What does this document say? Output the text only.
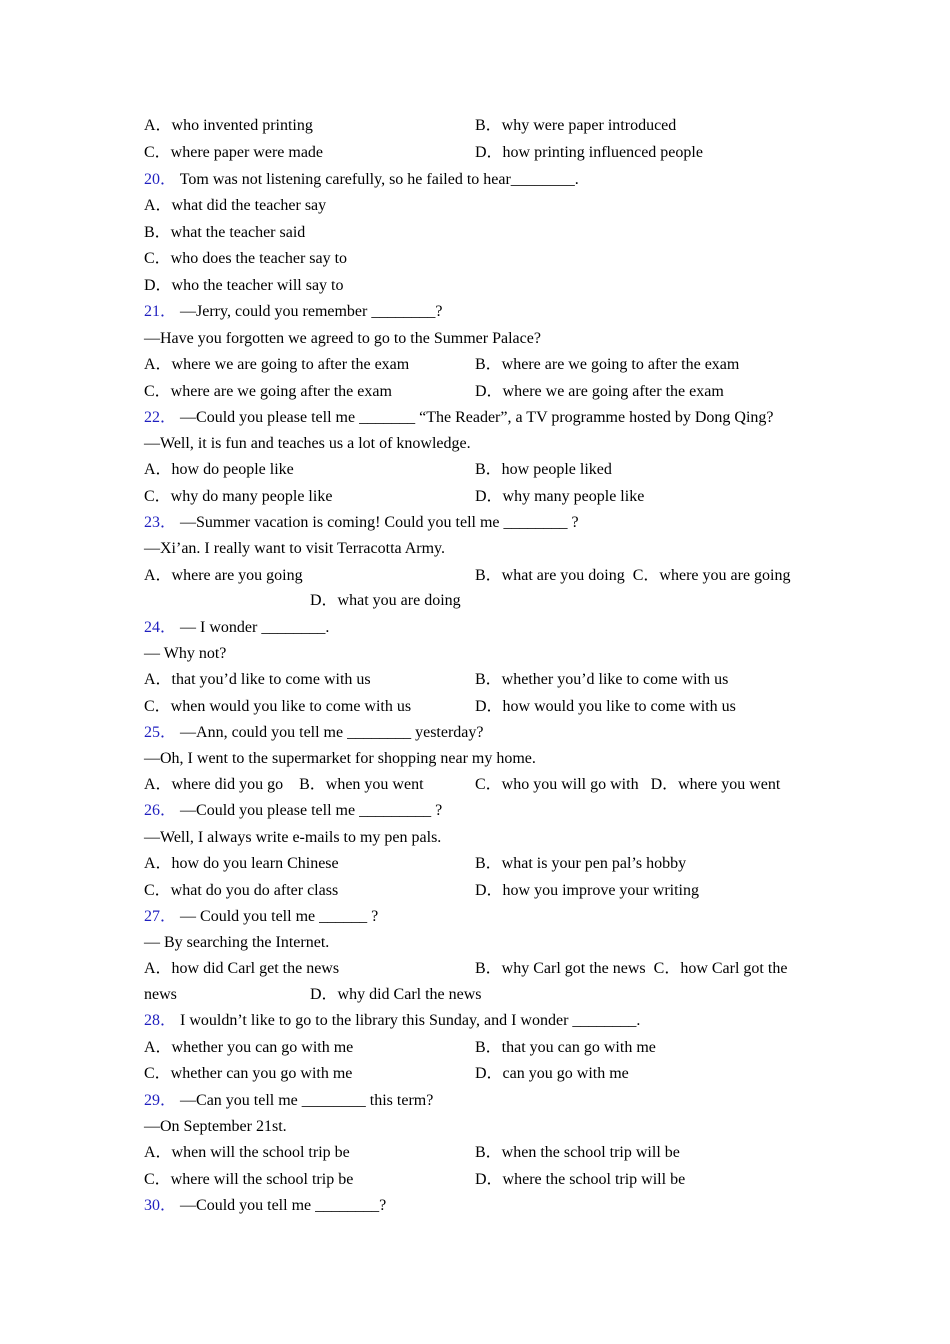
A．who invented printing	B．why were paper introduced
C．where paper were made	D．how printing influenced people
20． Tom was not listening carefully, so he failed to hear________.
A．what did the teacher say
B．what the teacher said
C．who does the teacher say to
D．who the teacher will say to
21． —Jerry, could you remember ________?
—Have you forgotten we agreed to go to the Summer Palace?
A．where we are going to after the exam	B．where are we going to after the exam
C．where are we going after the exam	D．where we are going after the exam
22． —Could you please tell me _______ “The Reader”, a TV programme hosted by Dong Qing?
—Well, it is fun and teaches us a lot of knowledge.
A．how do people like	B．how people liked
C．why do many people like	D．why many people like
23． —Summer vacation is coming! Could you tell me ________ ?
—Xi’an. I really want to visit Terracotta Army.
A．where are you going	B．what are you doing  C．where you are going
D．what you are doing
24． — I wonder ________.
— Why not?
A．that you’d like to come with us	B．whether you’d like to come with us
C．when would you like to come with us	D．how would you like to come with us
25． —Ann, could you tell me ________ yesterday?
—Oh, I went to the supermarket for shopping near my home.
A．where did you go    B．when you went	C．who you will go with   D．where you went
26． —Could you please tell me _________ ?
—Well, I always write e-mails to my pen pals.
A．how do you learn Chinese	B．what is your pen pal’s hobby
C．what do you do after class	D．how you improve your writing
27． — Could you tell me ______ ?
— By searching the Internet.
A．how did Carl get the news	B．why Carl got the news  C．how Carl got the
news	D．why did Carl the news
28． I wouldn’t like to go to the library this Sunday, and I wonder ________.
A．whether you can go with me	B．that you can go with me
C．whether can you go with me	D．can you go with me
29． —Can you tell me ________ this term?
—On September 21st.
A．when will the school trip be	B．when the school trip will be
C．where will the school trip be	D．where the school trip will be
30． —Could you tell me ________?
